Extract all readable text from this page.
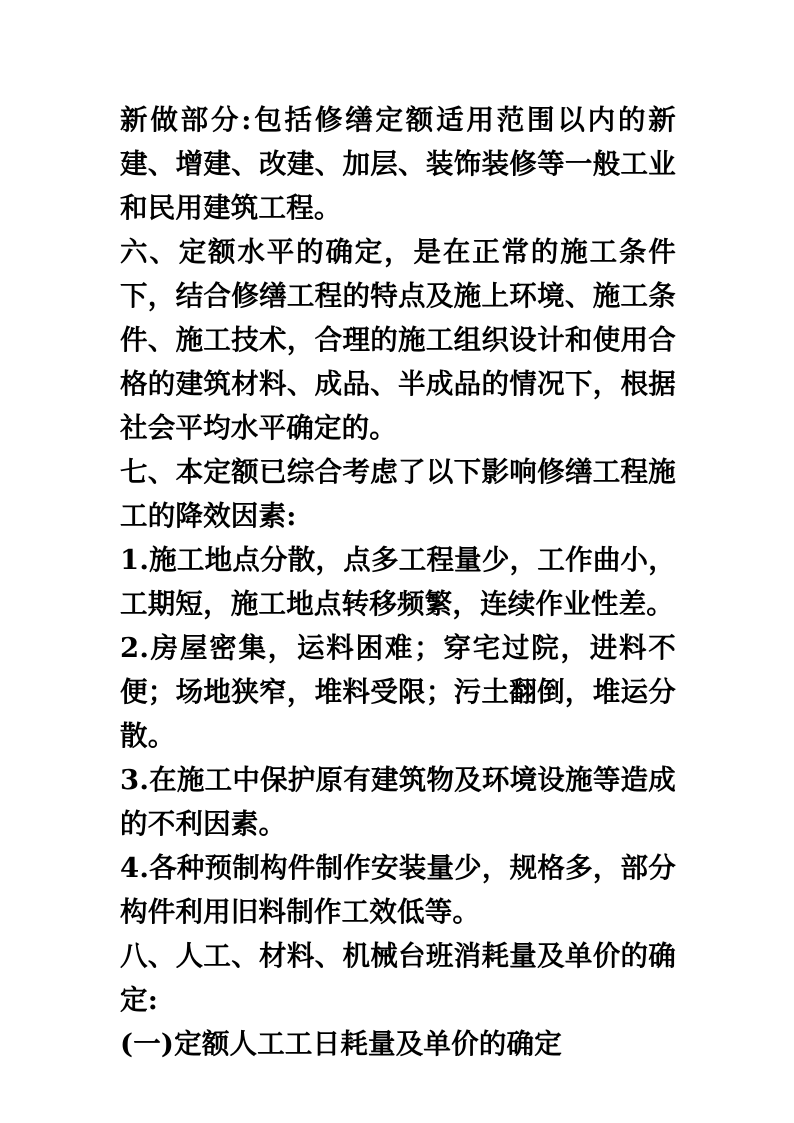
新做部分:包括修缮定额适用范围以内的新建、增建、改建、加层、装饰装修等一般工业和民用建筑工程。

六、定额水平的确定，是在正常的施工条件下，结合修缮工程的特点及施上环境、施工条件、施工技术，合理的施工组织设计和使用合格的建筑材料、成品、半成品的情况下，根据社会平均水平确定的。

七、本定额已综合考虑了以下影响修缮工程施工的降效因素:

1.施工地点分散，点多工程量少，工作曲小，工期短，施工地点转移频繁，连续作业性差。

2.房屋密集，运料困难；穿宅过院，进料不便；场地狭窄，堆料受限；污土翻倒，堆运分散。

3.在施工中保护原有建筑物及环境设施等造成的不利因素。

4.各种预制构件制作安装量少，规格多，部分构件利用旧料制作工效低等。

八、人工、材料、机械台班消耗量及单价的确定:

(一)定额人工工日耗量及单价的确定
